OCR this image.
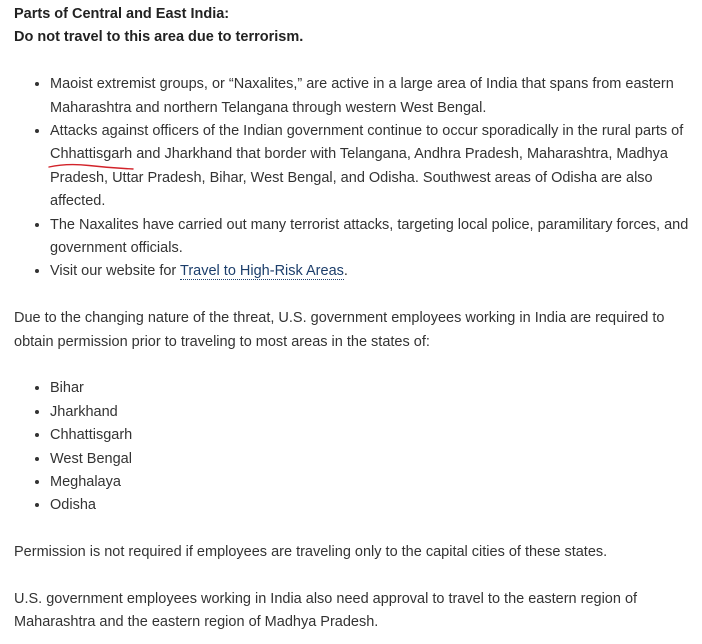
Parts of Central and East India:
Do not travel to this area due to terrorism.
• Maoist extremist groups, or “Naxalites,” are active in a large area of India that spans from eastern Maharashtra and northern Telangana through western West Bengal.
• Attacks against officers of the Indian government continue to occur sporadically in the rural parts of Chhattisgarh
and Jharkhand that border with Telangana, Andhra Pradesh, Maharashtra, Madhya Pradesh, Uttar Pradesh, Bihar, West Bengal, and Odisha. Southwest areas of Odisha are also affected.
• The Naxalites have carried out many terrorist attacks, targeting local police, paramilitary forces, and government officials.
• Visit our website for Travel to High-Risk Areas.

Due to the changing nature of the threat, U.S. government employees working in India are required to obtain permission prior to traveling to most areas in the states of:

• Bihar
• Jharkhand
• Chhattisgarh
• West Bengal
• Meghalaya
• Odisha

Permission is not required if employees are traveling only to the capital cities of these states.

U.S. government employees working in India also need approval to travel to the eastern region of Maharashtra and the eastern region of Madhya Pradesh.
